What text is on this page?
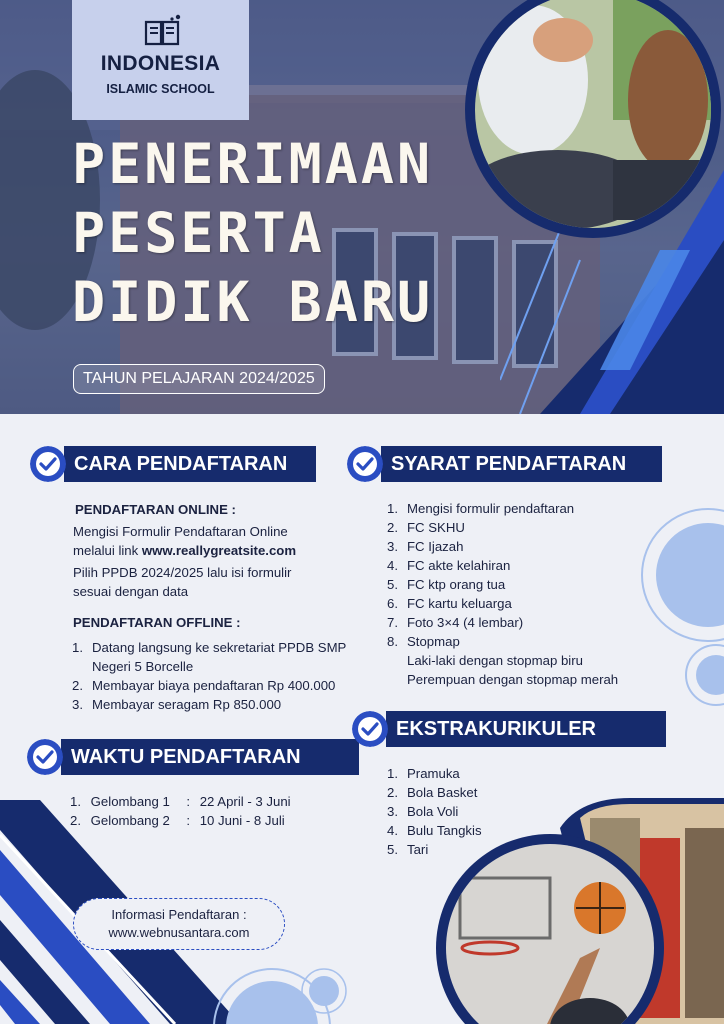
INDONESIA
ISLAMIC SCHOOL
PENERIMAAN
PESERTA
DIDIK BARU
TAHUN PELAJARAN 2024/2025
CARA PENDAFTARAN
PENDAFTARAN ONLINE :
Mengisi Formulir Pendaftaran Online
melalui link www.reallygreatsite.com
Pilih PPDB 2024/2025 lalu isi formulir
sesuai dengan data
PENDAFTARAN OFFLINE :
1. Datang langsung ke sekretariat PPDB SMP
Negeri 5 Borcelle
2. Membayar biaya pendaftaran Rp 400.000
3. Membayar seragam Rp 850.000
WAKTU PENDAFTARAN
1. Gelombang 1 : 22 April - 3 Juni
2. Gelombang 2 : 10 Juni - 8 Juli
Informasi Pendaftaran :
www.webnusantara.com
SYARAT PENDAFTARAN
1. Mengisi formulir pendaftaran
2. FC SKHU
3. FC Ijazah
4. FC akte kelahiran
5. FC ktp orang tua
6. FC kartu keluarga
7. Foto 3×4 (4 lembar)
8. Stopmap
Laki-laki dengan stopmap biru
Perempuan dengan stopmap merah
EKSTRAKURIKULER
1. Pramuka
2. Bola Basket
3. Bola Voli
4. Bulu Tangkis
5. Tari
